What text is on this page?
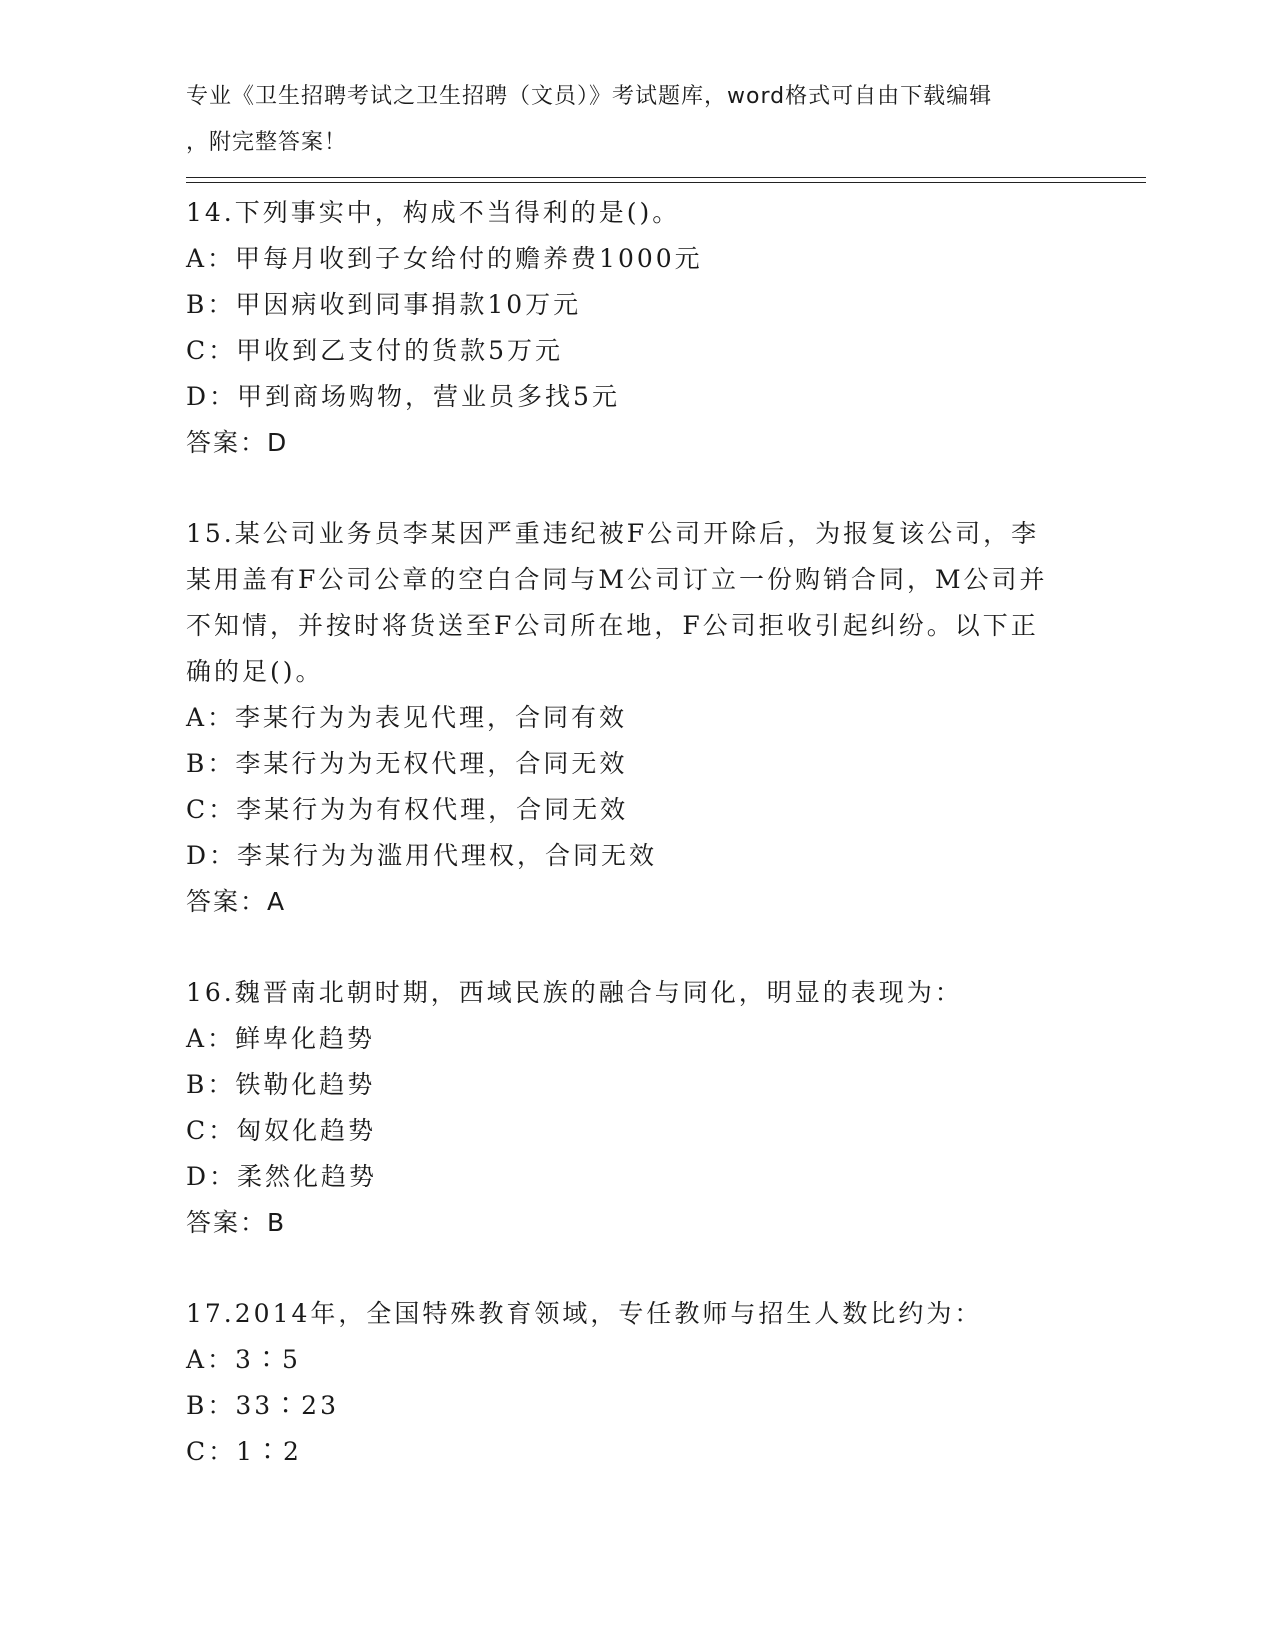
专业《卫生招聘考试之卫生招聘（文员）》考试题库，word格式可自由下载编辑
，附完整答案！
14.下列事实中，构成不当得利的是()。
A：甲每月收到子女给付的赡养费1000元
B：甲因病收到同事捐款10万元
C：甲收到乙支付的货款5万元
D：甲到商场购物，营业员多找5元
答案：D
15.某公司业务员李某因严重违纪被F公司开除后，为报复该公司，李
某用盖有F公司公章的空白合同与M公司订立一份购销合同，M公司并
不知情，并按时将货送至F公司所在地，F公司拒收引起纠纷。以下正
确的足()。
A：李某行为为表见代理，合同有效
B：李某行为为无权代理，合同无效
C：李某行为为有权代理，合同无效
D：李某行为为滥用代理权，合同无效
答案：A
16.魏晋南北朝时期，西域民族的融合与同化，明显的表现为：
A：鲜卑化趋势
B：铁勒化趋势
C：匈奴化趋势
D：柔然化趋势
答案：B
17.2014年，全国特殊教育领域，专任教师与招生人数比约为：
A：3∶5
B：33∶23
C：1∶2
